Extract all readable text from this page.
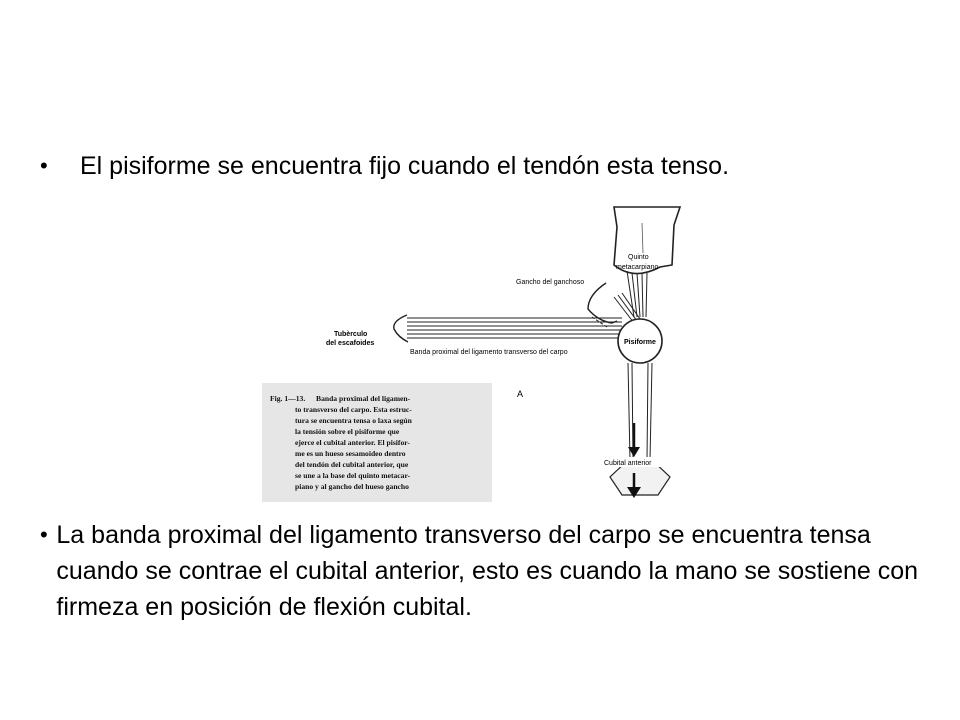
•	El pisiforme se encuentra fijo cuando el tendón esta tenso.
Quinto
metacarpiano
Gancho del ganchoso
Tubèrculo
del escafoides
Banda proximal del ligamento transverso del carpo
Pisiforme
A
Cubital anterior
Fig. 1—13. Banda proximal del ligamen-
to transverso del carpo. Esta estruc-
tura se encuentra tensa o laxa según
la tensión sobre el pisiforme que
ejerce el cubital anterior. El pisifor-
me es un hueso sesamoideo dentro
del tendón del cubital anterior, que
se une a la base del quinto metacar-
piano y al gancho del hueso gancho
• La banda proximal del ligamento transverso del carpo se encuentra tensa cuando se contrae el cubital anterior, esto es cuando la mano se sostiene con firmeza en posición de flexión cubital.
